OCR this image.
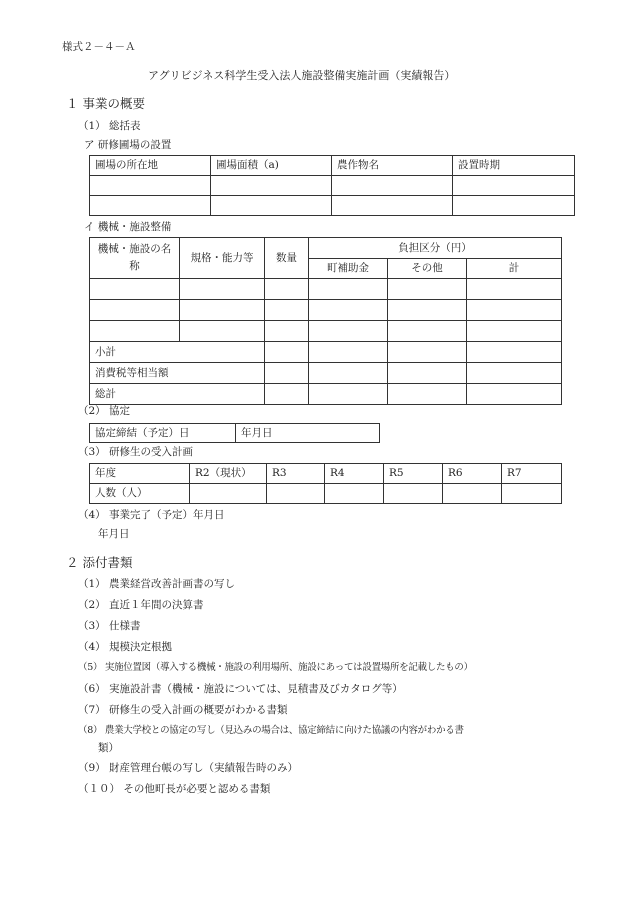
様式２－４－Ａ
アグリビジネス科学生受入法人施設整備実施計画（実績報告）
１ 事業の概要
（1） 総括表
ア 研修圃場の設置
圃場の所在地	圃場面積（a)	農作物名	設置時期

イ 機械・施設整備
機械・施設の名
称	規格・能力等	数量	負担区分（円）		
			町補助金	その他	計

小計					
消費税等相当額					
総計					
（2） 協定
協定締結（予定）日	年月日
（3） 研修生の受入計画
年度	R2（現状）	R3	R4	R5	R6	R7
人数（人）						
（4） 事業完了（予定）年月日
年月日
２ 添付書類
（1） 農業経営改善計画書の写し
（2） 直近１年間の決算書
（3） 仕様書
（4） 規模決定根拠
（5） 実施位置図（導入する機械・施設の利用場所、施設にあっては設置場所を記載したもの）
（6） 実施設計書（機械・施設については、見積書及びカタログ等）
（7） 研修生の受入計画の概要がわかる書類
（8） 農業大学校との協定の写し（見込みの場合は、協定締結に向けた協議の内容がわかる書
類）
（9） 財産管理台帳の写し（実績報告時のみ）
（１０） その他町長が必要と認める書類
